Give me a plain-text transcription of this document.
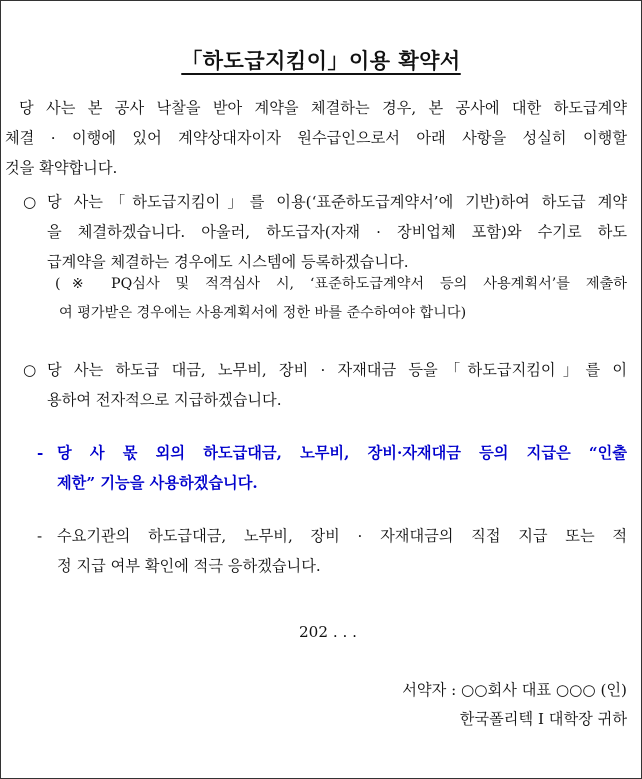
「하도급지킴이」이용 확약서
당 사는 본 공사 낙찰을 받아 계약을 체결하는 경우, 본 공사에 대한 하도급계약
체결 · 이행에 있어 계약상대자이자 원수급인으로서 아래 사항을 성실히 이행할
것을 확약합니다.
○ 당 사는「하도급지킴이」를 이용(‘표준하도급계약서’에 기반)하여 하도급 계약
을 체결하겠습니다. 아울러, 하도급자(자재 · 장비업체 포함)와 수기로 하도
급계약을 체결하는 경우에도 시스템에 등록하겠습니다.
(※ PQ심사 및 적격심사 시, ‘표준하도급계약서 등의 사용계획서’를 제출하
여 평가받은 경우에는 사용계획서에 정한 바를 준수하여야 합니다)
○ 당 사는 하도급 대금, 노무비, 장비 · 자재대금 등을「하도급지킴이」를 이
용하여 전자적으로 지급하겠습니다.
- 당 사 몫 외의 하도급대금, 노무비, 장비·자재대금 등의 지급은 “인출
제한” 기능을 사용하겠습니다.
- 수요기관의 하도급대금, 노무비, 장비 · 자재대금의 직접 지급 또는 적
정 지급 여부 확인에 적극 응하겠습니다.
202 . . .
서약자 : ○○회사 대표 ○○○ (인)
한국폴리텍 I 대학장 귀하
